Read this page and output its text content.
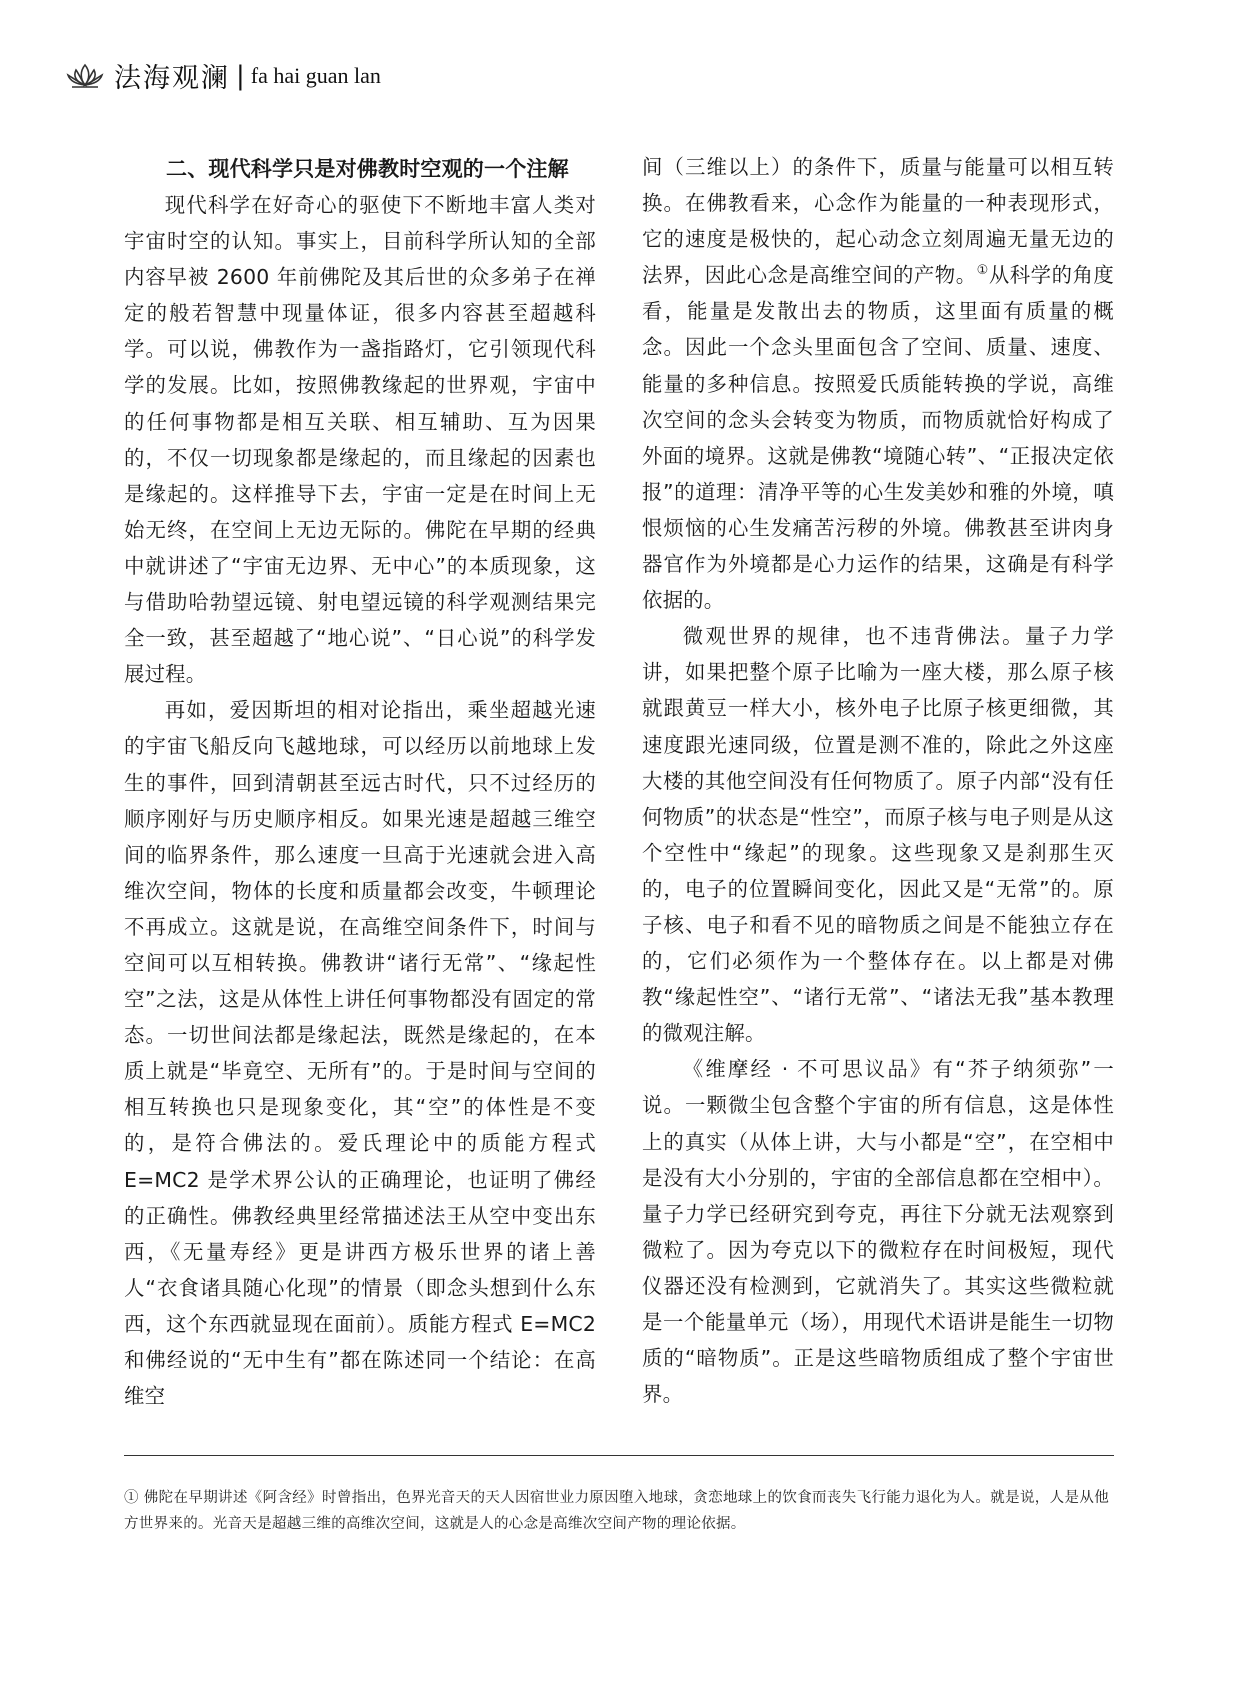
法海观澜 | fa hai guan lan
二、现代科学只是对佛教时空观的一个注解

现代科学在好奇心的驱使下不断地丰富人类对宇宙时空的认知。事实上，目前科学所认知的全部内容早被 2600 年前佛陀及其后世的众多弟子在禅定的般若智慧中现量体证，很多内容甚至超越科学。可以说，佛教作为一盏指路灯，它引领现代科学的发展。比如，按照佛教缘起的世界观，宇宙中的任何事物都是相互关联、相互辅助、互为因果的，不仅一切现象都是缘起的，而且缘起的因素也是缘起的。这样推导下去，宇宙一定是在时间上无始无终，在空间上无边无际的。佛陀在早期的经典中就讲述了“宇宙无边界、无中心”的本质现象，这与借助哈勃望远镜、射电望远镜的科学观测结果完全一致，甚至超越了“地心说”、“日心说”的科学发展过程。

再如，爱因斯坦的相对论指出，乘坐超越光速的宇宙飞船反向飞越地球，可以经历以前地球上发生的事件，回到清朝甚至远古时代，只不过经历的顺序刚好与历史顺序相反。如果光速是超越三维空间的临界条件，那么速度一旦高于光速就会进入高维次空间，物体的长度和质量都会改变，牛顿理论不再成立。这就是说，在高维空间条件下，时间与空间可以互相转换。佛教讲“诸行无常”、“缘起性空”之法，这是从体性上讲任何事物都没有固定的常态。一切世间法都是缘起法，既然是缘起的，在本质上就是“毕竟空、无所有”的。于是时间与空间的相互转换也只是现象变化，其“空”的体性是不变的，是符合佛法的。爱氏理论中的质能方程式 E=MC2 是学术界公认的正确理论，也证明了佛经的正确性。佛教经典里经常描述法王从空中变出东西，《无量寿经》更是讲西方极乐世界的诸上善人“衣食诸具随心化现”的情景（即念头想到什么东西，这个东西就显现在面前）。质能方程式 E=MC2 和佛经说的“无中生有”都在陈述同一个结论：在高维空

间（三维以上）的条件下，质量与能量可以相互转换。在佛教看来，心念作为能量的一种表现形式，它的速度是极快的，起心动念立刻周遍无量无边的法界，因此心念是高维空间的产物。①从科学的角度看，能量是发散出去的物质，这里面有质量的概念。因此一个念头里面包含了空间、质量、速度、能量的多种信息。按照爱氏质能转换的学说，高维次空间的念头会转变为物质，而物质就恰好构成了外面的境界。这就是佛教“境随心转”、“正报决定依报”的道理：清净平等的心生发美妙和雅的外境，嗔恨烦恼的心生发痛苦污秽的外境。佛教甚至讲肉身器官作为外境都是心力运作的结果，这确是有科学依据的。

微观世界的规律，也不违背佛法。量子力学讲，如果把整个原子比喻为一座大楼，那么原子核就跟黄豆一样大小，核外电子比原子核更细微，其速度跟光速同级，位置是测不准的，除此之外这座大楼的其他空间没有任何物质了。原子内部“没有任何物质”的状态是“性空”，而原子核与电子则是从这个空性中“缘起”的现象。这些现象又是刹那生灭的，电子的位置瞬间变化，因此又是“无常”的。原子核、电子和看不见的暗物质之间是不能独立存在的，它们必须作为一个整体存在。以上都是对佛教“缘起性空”、“诸行无常”、“诸法无我”基本教理的微观注解。

《维摩经 · 不可思议品》有“芥子纳须弥”一说。一颗微尘包含整个宇宙的所有信息，这是体性上的真实（从体上讲，大与小都是“空”，在空相中是没有大小分别的，宇宙的全部信息都在空相中）。量子力学已经研究到夸克，再往下分就无法观察到微粒了。因为夸克以下的微粒存在时间极短，现代仪器还没有检测到，它就消失了。其实这些微粒就是一个能量单元（场），用现代术语讲是能生一切物质的“暗物质”。正是这些暗物质组成了整个宇宙世界。

① 佛陀在早期讲述《阿含经》时曾指出，色界光音天的天人因宿世业力原因堕入地球，贪恋地球上的饮食而丧失飞行能力退化为人。就是说，人是从他方世界来的。光音天是超越三维的高维次空间，这就是人的心念是高维次空间产物的理论依据。
